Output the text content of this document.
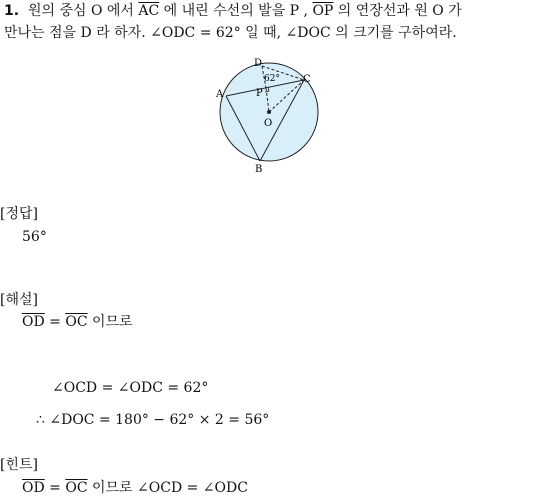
1. 원의 중심 O 에서 $\overline{AC}$ 에 내린 수선의 발을 P , $\overline{OP}$ 의 연장선과 원 O 가
만나는 점을 D 라 하자. ∠ODC = 62° 일 때, ∠DOC 의 크기를 구하여라.
D
C
A	P
O
B
62°
[정답]
56°
[해설]
$\overline{OD} = \overline{OC}$ 이므로
∠OCD = ∠ODC = 62°
∴ ∠DOC = 180° − 62° × 2 = 56°
[힌트]
$\overline{OD} = \overline{OC}$ 이므로 ∠OCD = ∠ODC
